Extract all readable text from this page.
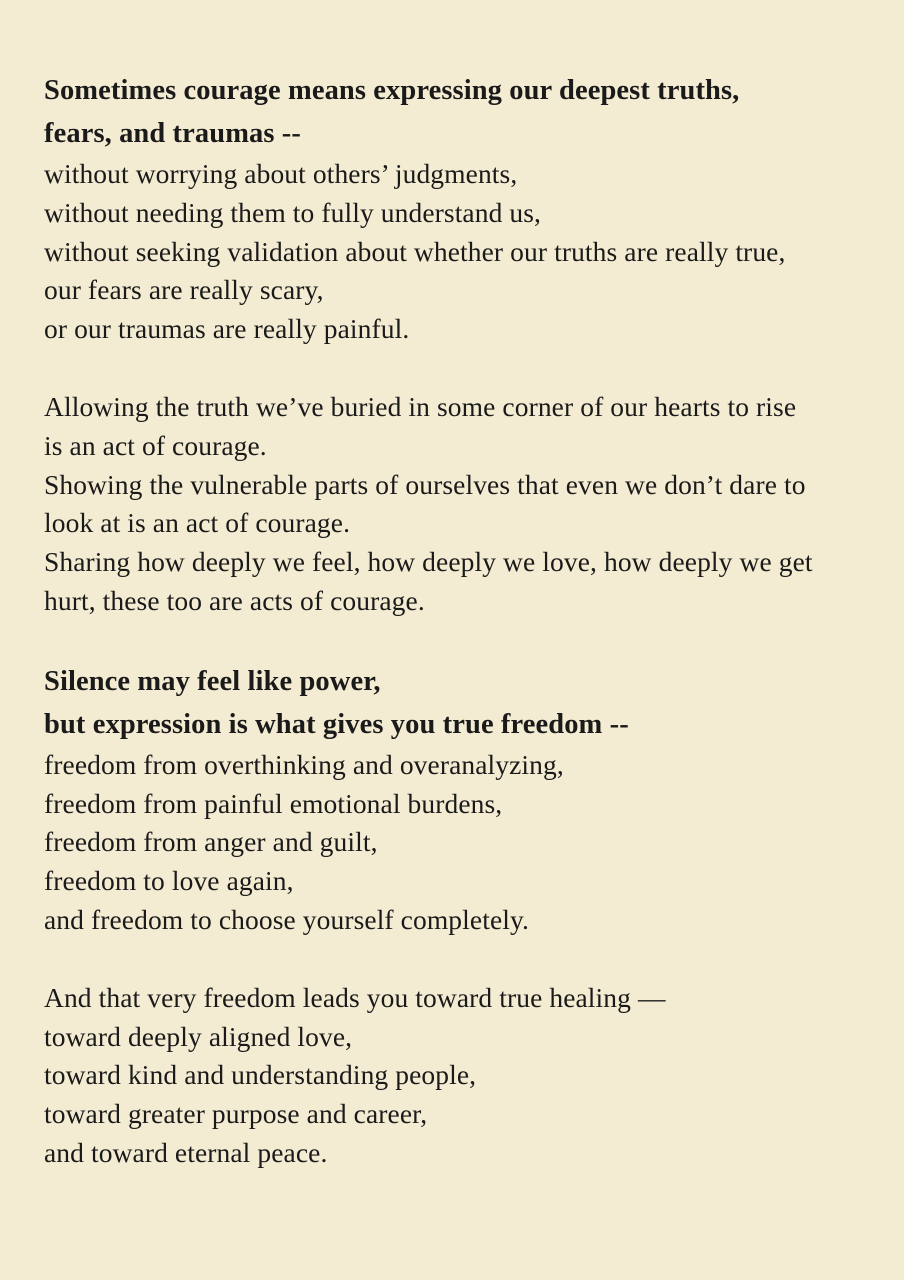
Sometimes courage means expressing our deepest truths,
fears, and traumas --
without worrying about others’ judgments,
without needing them to fully understand us,
without seeking validation about whether our truths are really true,
our fears are really scary,
or our traumas are really painful.
Allowing the truth we’ve buried in some corner of our hearts to rise
is an act of courage.
Showing the vulnerable parts of ourselves that even we don’t dare to
look at is an act of courage.
Sharing how deeply we feel, how deeply we love, how deeply we get
hurt, these too are acts of courage.
Silence may feel like power,
but expression is what gives you true freedom --
freedom from overthinking and overanalyzing,
freedom from painful emotional burdens,
freedom from anger and guilt,
freedom to love again,
and freedom to choose yourself completely.
And that very freedom leads you toward true healing —
toward deeply aligned love,
toward kind and understanding people,
toward greater purpose and career,
and toward eternal peace.
